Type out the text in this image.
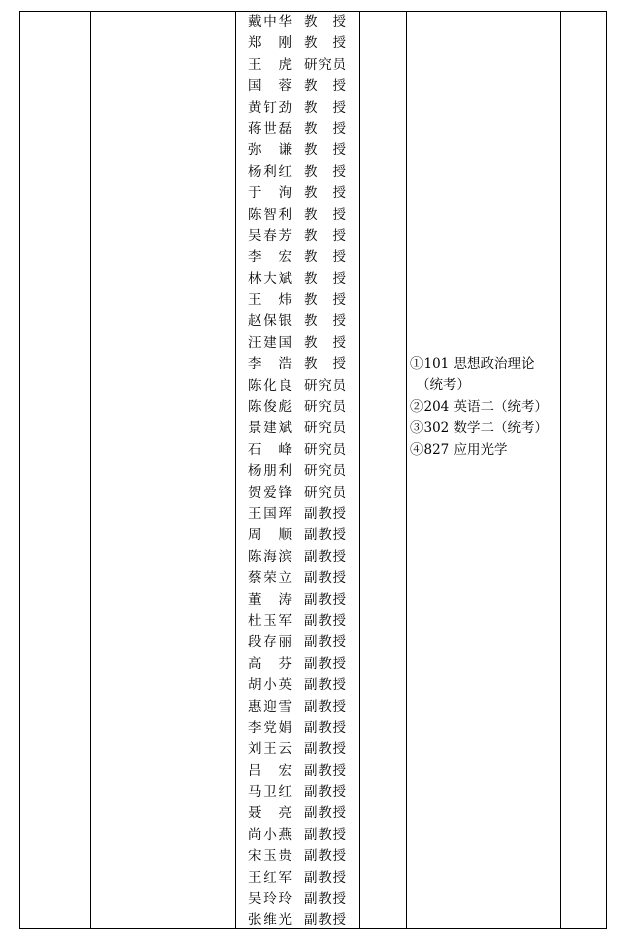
戴中华 教授
郑刚 教授
王虎 研究员
国蓉 教授
黄钉劲 教授
蒋世磊 教授
弥谦 教授
杨利红 教授
于洵 教授
陈智利 教授
吴春芳 教授
李宏 教授
林大斌 教授
王炜 教授
赵保银 教授
汪建国 教授
李浩 教授
陈化良 研究员
陈俊彪 研究员
景建斌 研究员
石峰 研究员
杨朋利 研究员
贺爱锋 研究员
王国珲 副教授
周顺 副教授
陈海滨 副教授
蔡荣立 副教授
董涛 副教授
杜玉军 副教授
段存丽 副教授
高芬 副教授
胡小英 副教授
惠迎雪 副教授
李党娟 副教授
刘王云 副教授
吕宏 副教授
马卫红 副教授
聂亮 副教授
尚小燕 副教授
宋玉贵 副教授
王红军 副教授
吴玲玲 副教授
张维光 副教授
①101 思想政治理论
（统考）
②204 英语二（统考）
③302 数学二（统考）
④827 应用光学
